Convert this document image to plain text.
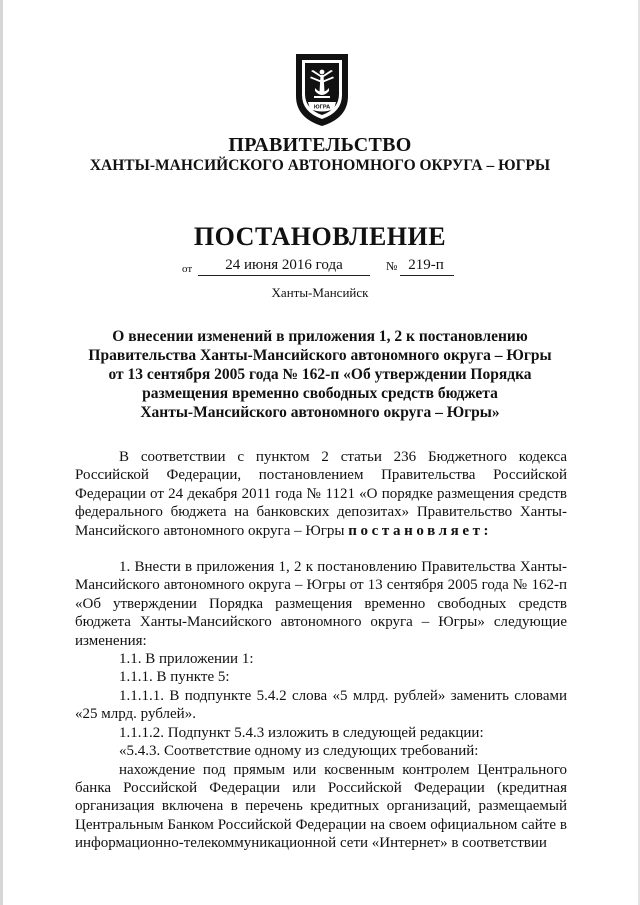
ЮГРА
ПРАВИТЕЛЬСТВО
ХАНТЫ-МАНСИЙСКОГО АВТОНОМНОГО ОКРУГА – ЮГРЫ
ПОСТАНОВЛЕНИЕ
от	24 июня 2016 года	№ 219-п
Ханты-Мансийск
О внесении изменений в приложения 1, 2 к постановлению
Правительства Ханты-Мансийского автономного округа – Югры
от 13 сентября 2005 года № 162-п «Об утверждении Порядка
размещения временно свободных средств бюджета
Ханты-Мансийского автономного округа – Югры»

В соответствии с пунктом 2 статьи 236 Бюджетного кодекса Российской Федерации, постановлением Правительства Российской Федерации от 24 декабря 2011 года № 1121 «О порядке размещения средств федерального бюджета на банковских депозитах» Правительство Ханты-Мансийского автономного округа – Югры постановляет:

1. Внести в приложения 1, 2 к постановлению Правительства Ханты-Мансийского автономного округа – Югры от 13 сентября 2005 года № 162-п «Об утверждении Порядка размещения временно свободных средств бюджета Ханты-Мансийского автономного округа – Югры» следующие изменения:

1.1. В приложении 1:

1.1.1. В пункте 5:

1.1.1.1. В подпункте 5.4.2 слова «5 млрд. рублей» заменить словами «25 млрд. рублей».

1.1.1.2. Подпункт 5.4.3 изложить в следующей редакции:

«5.4.3. Соответствие одному из следующих требований:

нахождение под прямым или косвенным контролем Центрального банка Российской Федерации или Российской Федерации (кредитная организация включена в перечень кредитных организаций, размещаемый Центральным Банком Российской Федерации на своем официальном сайте в информационно-телекоммуникационной сети «Интернет» в соответствии
